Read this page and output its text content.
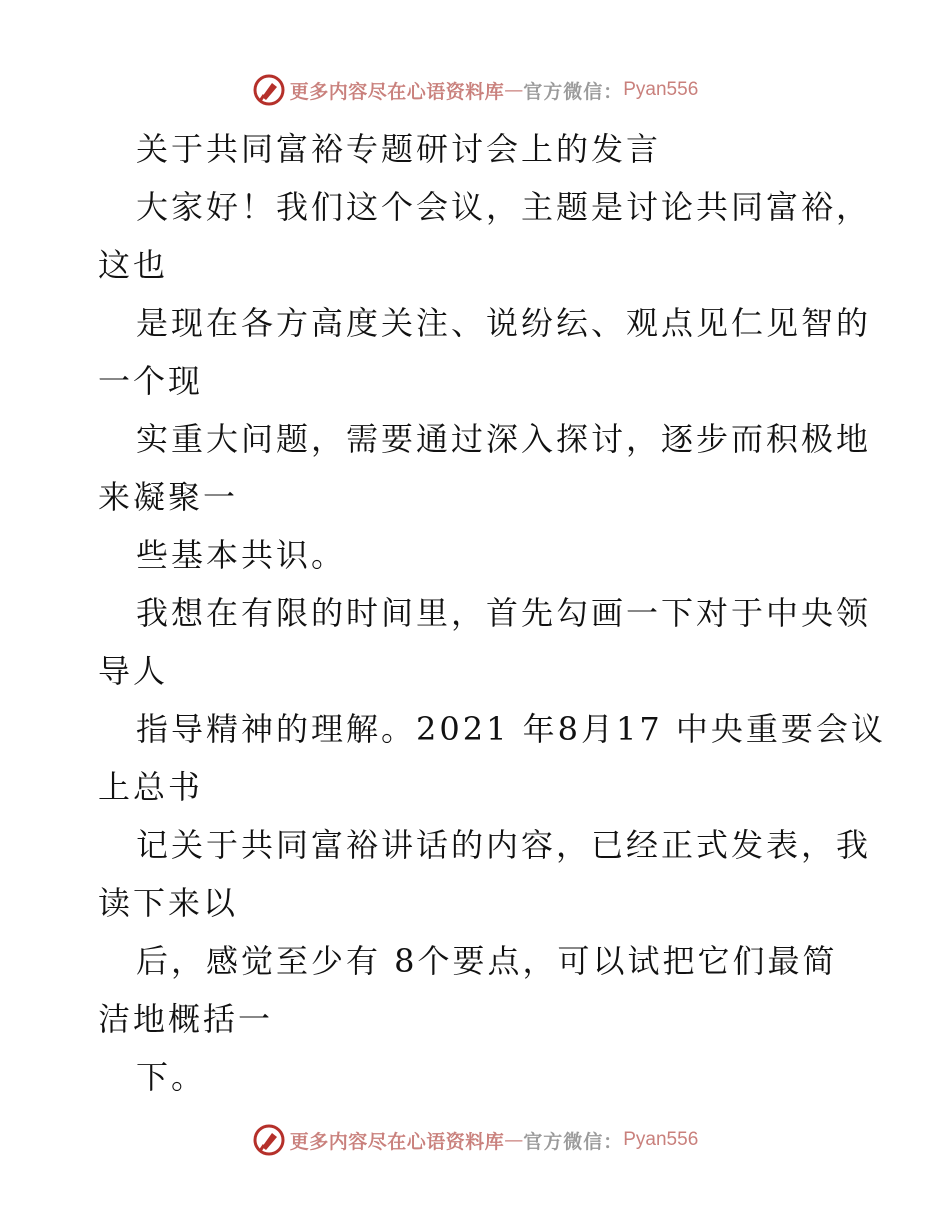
更多内容尽在心语资料库 — 官方微信： Pyan556
关于共同富裕专题研讨会上的发言
大家好！我们这个会议，主题是讨论共同富裕，
这也
是现在各方高度关注、说纷纭、观点见仁见智的
一个现
实重大问题，需要通过深入探讨，逐步而积极地
来凝聚一
些基本共识。
我想在有限的时间里，首先勾画一下对于中央领
导人
指导精神的理解。2021 年8月17 中央重要会议
上总书
记关于共同富裕讲话的内容，已经正式发表，我
读下来以
后，感觉至少有 8个要点，可以试把它们最简
洁地概括一
下。
更多内容尽在心语资料库 — 官方微信： Pyan556
